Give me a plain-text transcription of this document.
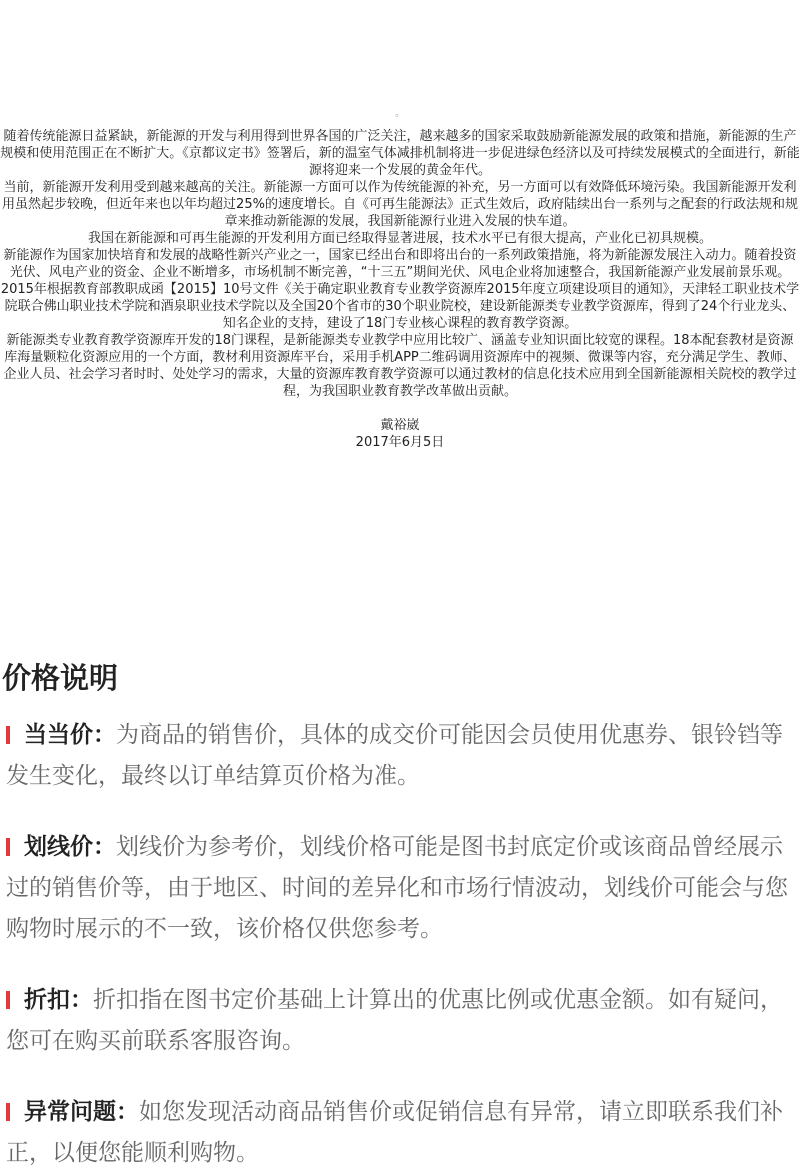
。

随着传统能源日益紧缺，新能源的开发与利用得到世界各国的广泛关注，越来越多的国家采取鼓励新能源发展的政策和措施，新能源的生产规模和使用范围正在不断扩大。《京都议定书》签署后，新的温室气体减排机制将进一步促进绿色经济以及可持续发展模式的全面进行，新能源将迎来一个发展的黄金年代。

当前，新能源开发利用受到越来越高的关注。新能源一方面可以作为传统能源的补充，另一方面可以有效降低环境污染。我国新能源开发利用虽然起步较晚，但近年来也以年均超过25%的速度增长。自《可再生能源法》正式生效后，政府陆续出台一系列与之配套的行政法规和规章来推动新能源的发展，我国新能源行业进入发展的快车道。

我国在新能源和可再生能源的开发利用方面已经取得显著进展，技术水平已有很大提高，产业化已初具规模。

新能源作为国家加快培育和发展的战略性新兴产业之一，国家已经出台和即将出台的一系列政策措施，将为新能源发展注入动力。随着投资光伏、风电产业的资金、企业不断增多，市场机制不断完善，“十三五”期间光伏、风电企业将加速整合，我国新能源产业发展前景乐观。

2015年根据教育部教职成函【2015】10号文件《关于确定职业教育专业教学资源库2015年度立项建设项目的通知》，天津轻工职业技术学院联合佛山职业技术学院和酒泉职业技术学院以及全国20个省市的30个职业院校，建设新能源类专业教学资源库，得到了24个行业龙头、知名企业的支持，建设了18门专业核心课程的教育教学资源。

新能源类专业教育教学资源库开发的18门课程，是新能源类专业教学中应用比较广、涵盖专业知识面比较宽的课程。18本配套教材是资源库海量颗粒化资源应用的一个方面，教材利用资源库平台，采用手机APP二维码调用资源库中的视频、微课等内容，充分满足学生、教师、企业人员、社会学习者时时、处处学习的需求，大量的资源库教育教学资源可以通过教材的信息化技术应用到全国新能源相关院校的教学过程，为我国职业教育教学改革做出贡献。

戴裕崴

2017年6月5日

价格说明

当当价：为商品的销售价，具体的成交价可能因会员使用优惠券、银铃铛等发生变化，最终以订单结算页价格为准。

划线价：划线价为参考价，划线价格可能是图书封底定价或该商品曾经展示过的销售价等，由于地区、时间的差异化和市场行情波动，划线价可能会与您购物时展示的不一致，该价格仅供您参考。

折扣：折扣指在图书定价基础上计算出的优惠比例或优惠金额。如有疑问，您可在购买前联系客服咨询。

异常问题：如您发现活动商品销售价或促销信息有异常，请立即联系我们补正，以便您能顺利购物。
